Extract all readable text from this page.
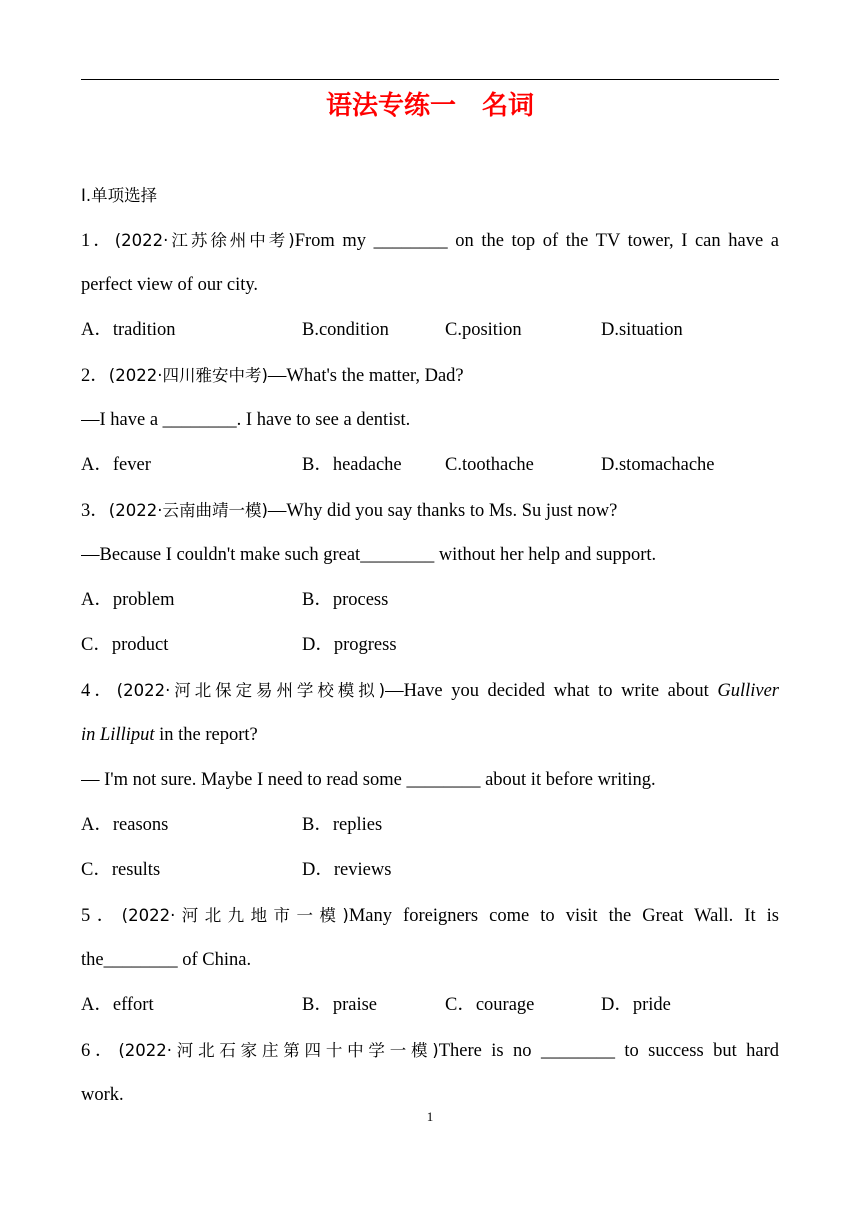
语法专练一　名词
Ⅰ.单项选择
1．(2022·江苏徐州中考)From my ________ on the top of the TV tower, I can have a
perfect view of our city.
A．tradition	B.condition	C.position	D.situation
2．(2022·四川雅安中考)—What's the matter, Dad?
—I have a ________. I have to see a dentist.
A．fever	B．headache C.toothache	D.stomachache
3．(2022·云南曲靖一模)—Why did you say thanks to Ms. Su just now?
—Because I couldn't make such great________ without her help and support.
A．problem	B．process
C．product	D．progress
4．(2022·河北保定易州学校模拟)—Have you decided what to write about Gulliver
in Lilliput in the report?
— I'm not sure. Maybe I need to read some ________ about it before writing.
A．reasons	B．replies
C．results	D．reviews
5．(2022·河北九地市一模)Many foreigners come to visit the Great Wall. It is
the________ of China.
A．effort	B．praise	C．courage	D．pride
6．(2022·河北石家庄第四十中学一模)There is no ________ to success but hard
work.
1
